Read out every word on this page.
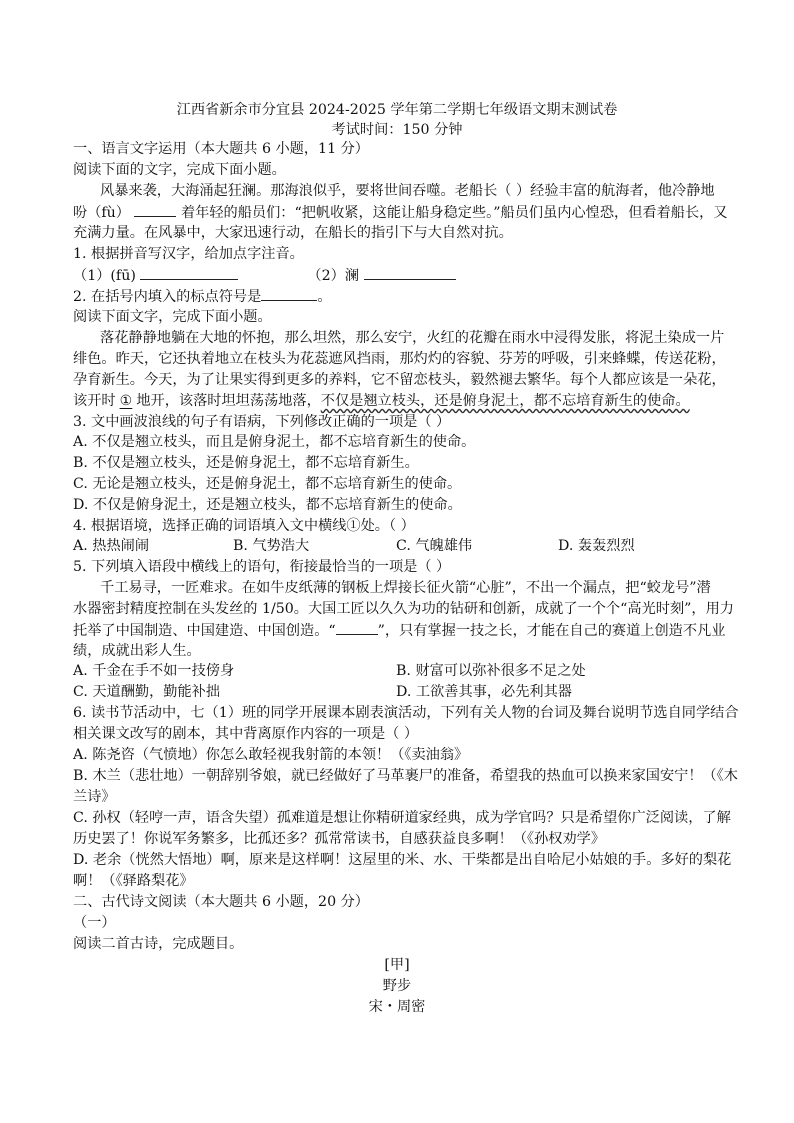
江西省新余市分宜县 2024-2025 学年第二学期七年级语文期末测试卷
考试时间：150 分钟
一、语言文字运用（本大题共 6 小题，11 分）
阅读下面的文字，完成下面小题。
风暴来袭，大海涌起狂澜。那海浪似乎，要将世间吞噬。老船长（ ）经验丰富的航海者，他冷静地
吩（fù）	着年轻的船员们：“把帆收紧，这能让船身稳定些。”船员们虽内心惶恐，但看着船长，又
充满力量。在风暴中，大家迅速行动，在船长的指引下与大自然对抗。
1. 根据拼音写汉字，给加点字注音。
（1）(fū)	（2）澜
2. 在括号内填入的标点符号是	。
阅读下面文字，完成下面小题。
落花静静地躺在大地的怀抱，那么坦然，那么安宁，火红的花瓣在雨水中浸得发胀，将泥土染成一片
绯色。昨天，它还执着地立在枝头为花蕊遮风挡雨，那灼灼的容貌、芬芳的呼吸，引来蜂蝶，传送花粉，
孕育新生。今天，为了让果实得到更多的养料，它不留恋枝头，毅然褪去繁华。每个人都应该是一朵花，
该开时 ① 地开，该落时坦坦荡荡地落，不仅是翘立枝头，还是俯身泥土，都不忘培育新生的使命。
3. 文中画波浪线的句子有语病，下列修改正确的一项是（ ）
A. 不仅是翘立枝头，而且是俯身泥土，都不忘培育新生的使命。
B. 不仅是翘立枝头，还是俯身泥土，都不忘培育新生。
C. 无论是翘立枝头，还是俯身泥土，都不忘培育新生的使命。
D. 不仅是俯身泥土，还是翘立枝头，都不忘培育新生的使命。
4. 根据语境，选择正确的词语填入文中横线①处。（ ）
A. 热热闹闹	B. 气势浩大	C. 气魄雄伟	D. 轰轰烈烈
5. 下列填入语段中横线上的语句，衔接最恰当的一项是（ ）
千工易寻，一匠难求。在如牛皮纸薄的钢板上焊接长征火箭“心脏”，不出一个漏点，把“蛟龙号”潜
水器密封精度控制在头发丝的 1/50。大国工匠以久久为功的钻研和创新，成就了一个个“高光时刻”，用力
托举了中国制造、中国建造、中国创造。“	”，只有掌握一技之长，才能在自己的赛道上创造不凡业
绩，成就出彩人生。
A. 千金在手不如一技傍身	B. 财富可以弥补很多不足之处
C. 天道酬勤，勤能补拙	D. 工欲善其事，必先利其器
6. 读书节活动中，七（1）班的同学开展课本剧表演活动，下列有关人物的台词及舞台说明节选自同学结合
相关课文改写的剧本，其中背离原作内容的一项是（ ）
A. 陈尧咨（气愤地）你怎么敢轻视我射箭的本领！（《卖油翁》
B. 木兰（悲壮地）一朝辞别爷娘，就已经做好了马革裹尸的准备，希望我的热血可以换来家国安宁！（《木
兰诗》
C. 孙权（轻哼一声，语含失望）孤难道是想让你精研道家经典，成为学官吗？只是希望你广泛阅读，了解
历史罢了！你说军务繁多，比孤还多？孤常常读书，自感获益良多啊！（《孙权劝学》
D. 老余（恍然大悟地）啊，原来是这样啊！这屋里的米、水、干柴都是出自哈尼小姑娘的手。多好的梨花
啊！（《驿路梨花》
二、古代诗文阅读（本大题共 6 小题，20 分）
（一）
阅读二首古诗，完成题目。
[甲]
野步
宋・周密
